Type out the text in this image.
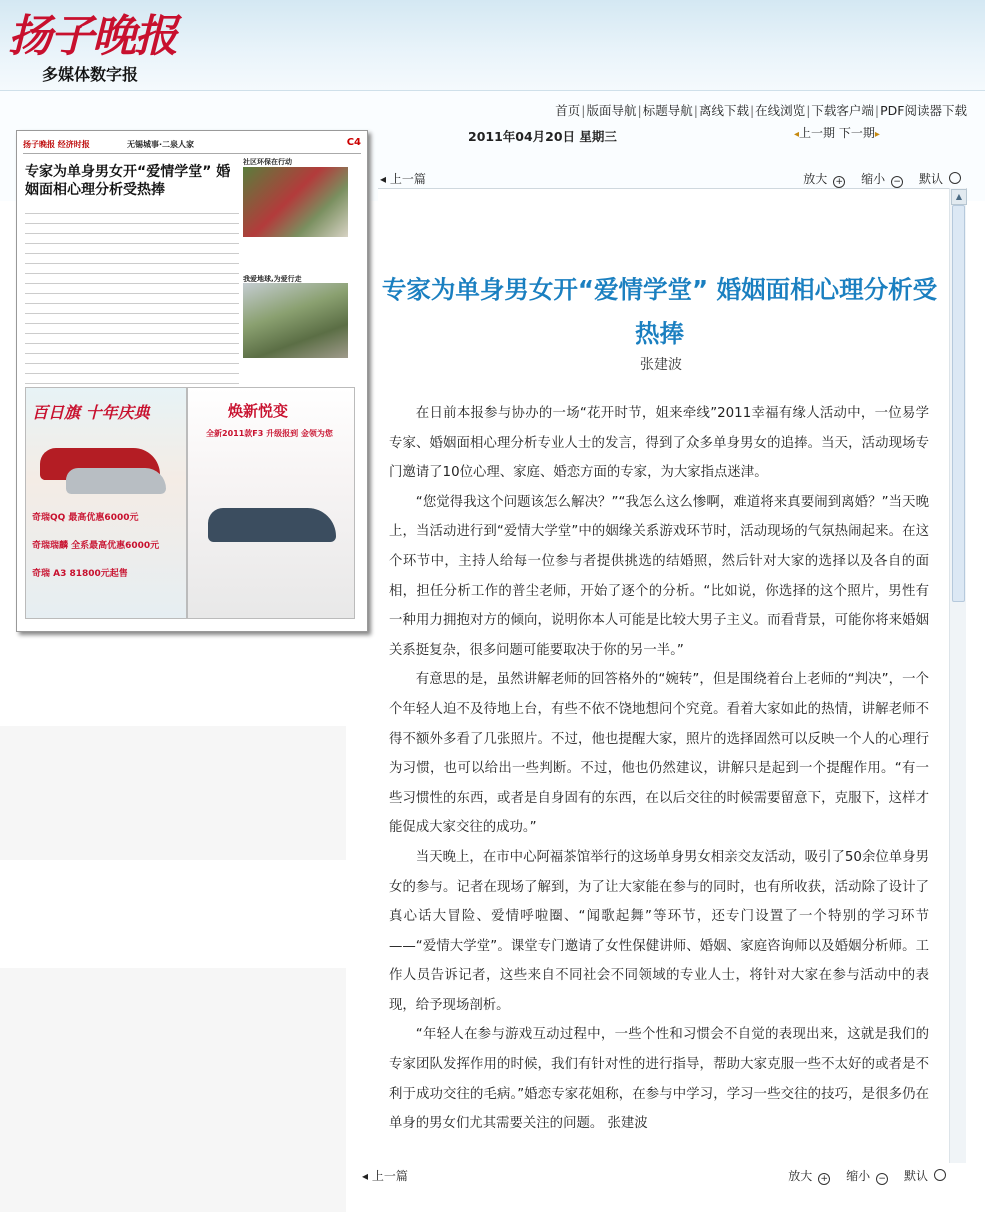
扬子晚报
多媒体数字报
首页|版面导航|标题导航|离线下载|在线浏览|下载客户端|PDF阅读器下载
2011年04月20日 星期三	◂上一期 下一期▸
扬子晚报 经济时报	无锡城事·二泉人家	C4
专家为单身男女开“爱情学堂” 婚姻面相心理分析受热捧
社区环保在行动
我爱地球,为爱行走
百日旗 十年庆典
奇瑞QQ 最高优惠6000元
奇瑞瑞麟 全系最高优惠6000元
奇瑞 A3 81800元起售
焕新悦变
全新2011款F3 升级报到 金领为您
◂ 上一篇	放大 + 缩小 − 默认
▲
专家为单身男女开“爱情学堂” 婚姻面相心理分析受热捧
张建波

在日前本报参与协办的一场“花开时节，姐来牵线”2011幸福有缘人活动中，一位易学专家、婚姻面相心理分析专业人士的发言，得到了众多单身男女的追捧。当天，活动现场专门邀请了10位心理、家庭、婚恋方面的专家，为大家指点迷津。

“您觉得我这个问题该怎么解决？”“我怎么这么惨啊，难道将来真要闹到离婚？”当天晚上，当活动进行到“爱情大学堂”中的姻缘关系游戏环节时，活动现场的气氛热闹起来。在这个环节中，主持人给每一位参与者提供挑选的结婚照，然后针对大家的选择以及各自的面相，担任分析工作的普尘老师，开始了逐个的分析。“比如说，你选择的这个照片，男性有一种用力拥抱对方的倾向，说明你本人可能是比较大男子主义。而看背景，可能你将来婚姻关系挺复杂，很多问题可能要取决于你的另一半。”

有意思的是，虽然讲解老师的回答格外的“婉转”，但是围绕着台上老师的“判决”，一个个年轻人迫不及待地上台，有些不依不饶地想问个究竟。看着大家如此的热情，讲解老师不得不额外多看了几张照片。不过，他也提醒大家，照片的选择固然可以反映一个人的心理行为习惯，也可以给出一些判断。不过，他也仍然建议，讲解只是起到一个提醒作用。“有一些习惯性的东西，或者是自身固有的东西，在以后交往的时候需要留意下，克服下，这样才能促成大家交往的成功。”

当天晚上，在市中心阿福茶馆举行的这场单身男女相亲交友活动，吸引了50余位单身男女的参与。记者在现场了解到，为了让大家能在参与的同时，也有所收获，活动除了设计了真心话大冒险、爱情呼啦圈、“闻歌起舞”等环节，还专门设置了一个特别的学习环节——“爱情大学堂”。课堂专门邀请了女性保健讲师、婚姻、家庭咨询师以及婚姻分析师。工作人员告诉记者，这些来自不同社会不同领域的专业人士，将针对大家在参与活动中的表现，给予现场剖析。

“年轻人在参与游戏互动过程中，一些个性和习惯会不自觉的表现出来，这就是我们的专家团队发挥作用的时候，我们有针对性的进行指导，帮助大家克服一些不太好的或者是不利于成功交往的毛病。”婚恋专家花姐称，在参与中学习，学习一些交往的技巧，是很多仍在单身的男女们尤其需要关注的问题。 张建波

◂ 上一篇	放大 + 缩小 − 默认
